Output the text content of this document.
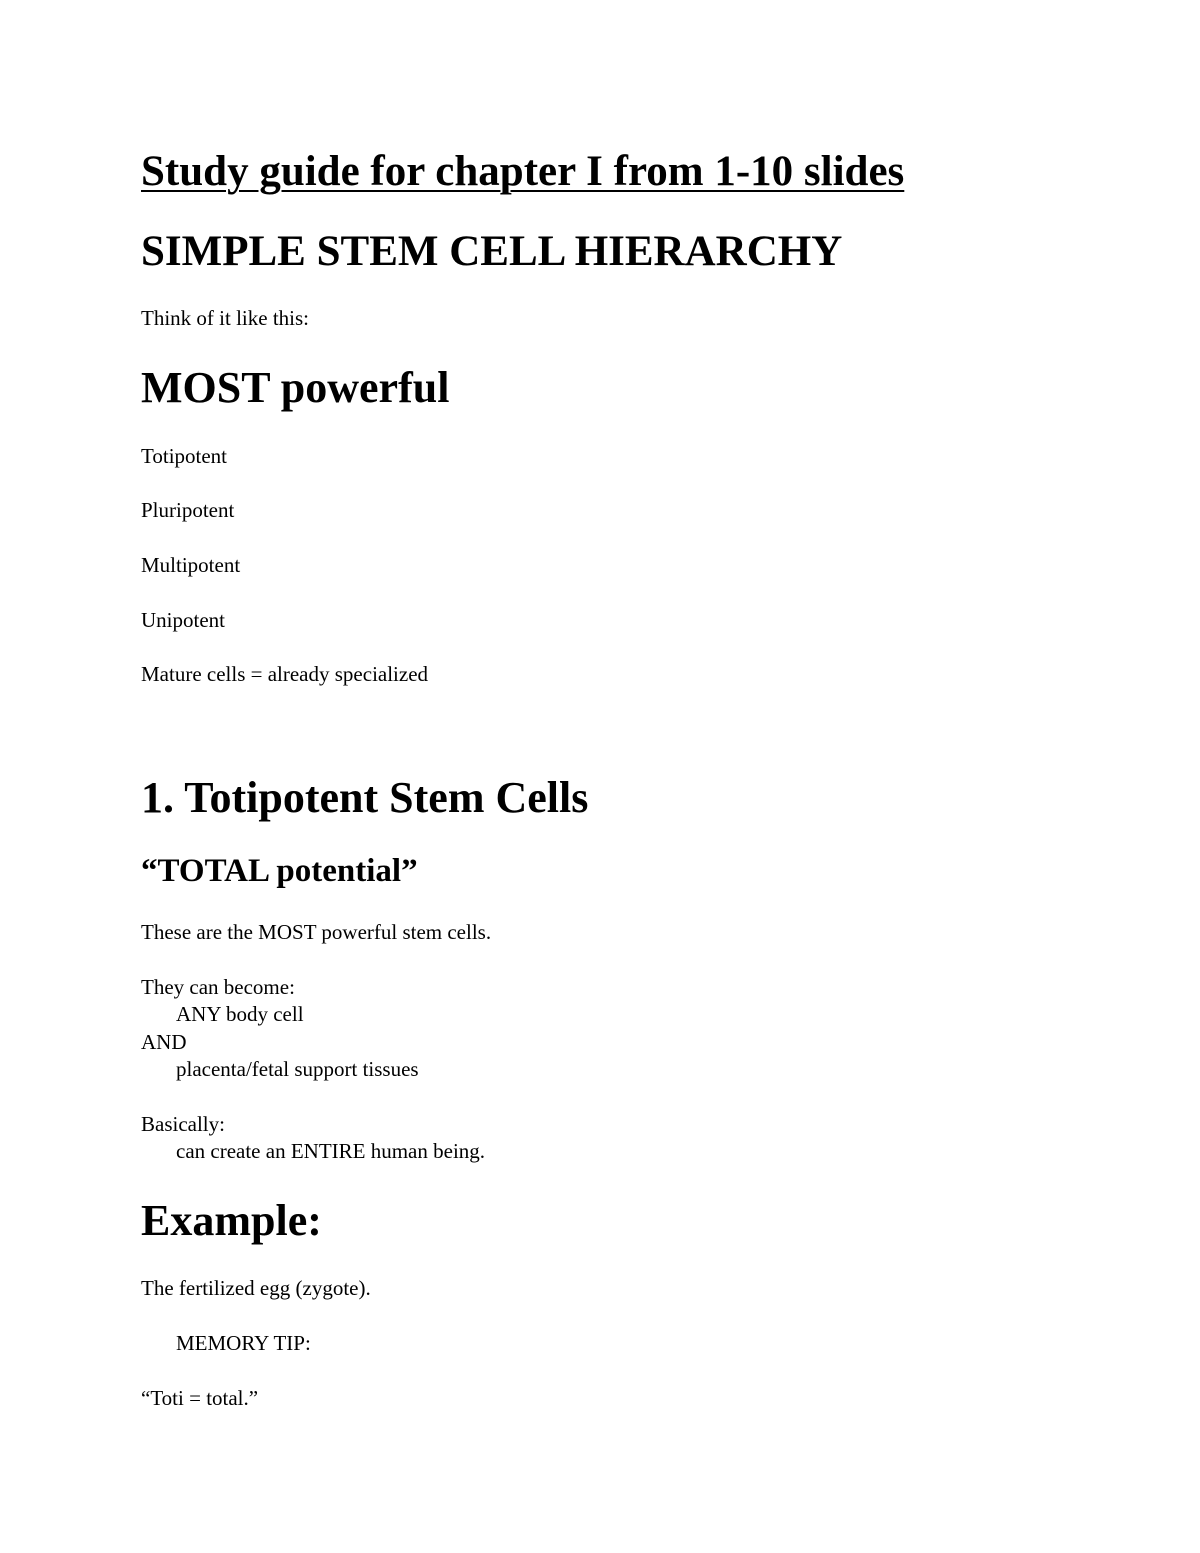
Study guide for chapter I from 1-10 slides
SIMPLE STEM CELL HIERARCHY
Think of it like this:
MOST powerful
Totipotent
Pluripotent
Multipotent
Unipotent
Mature cells = already specialized
1. Totipotent Stem Cells
“TOTAL potential”
These are the MOST powerful stem cells.
They can become:
ANY body cell
AND
placenta/fetal support tissues
Basically:
can create an ENTIRE human being.
Example:
The fertilized egg (zygote).
MEMORY TIP:
“Toti = total.”
